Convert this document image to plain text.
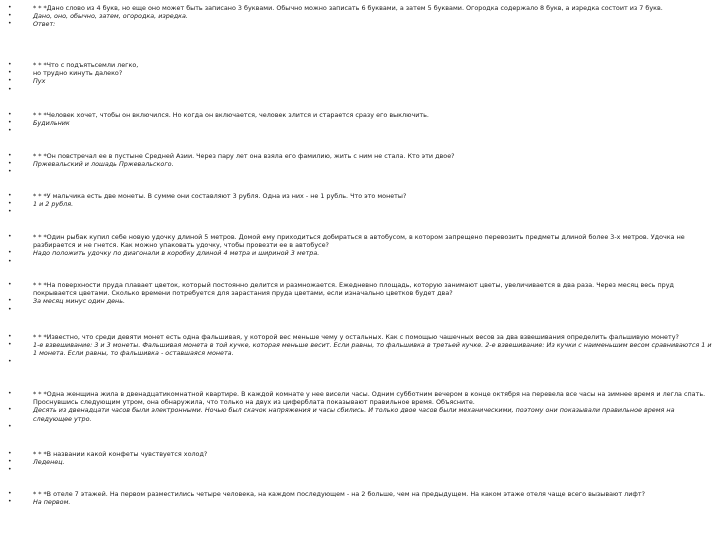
• * * *Дано слово из 4 букв, но еще оно может быть записано 3 буквами. Обычно можно записать 6 буквами, а затем 5 буквами. Огородка содержало 8 букв, а изредка состоит из 7 букв.
• Дано, оно, обычно, затем, огородка, изредка.
• Ответ:
• * * *Что с подъятьсемли легко,
• но трудно кинуть далеко?
• Пух
•
• * * *Человек хочет, чтобы он включился. Но когда он включается, человек злится и старается сразу его выключить.
• Будильник
•
• * * *Он повстречал ее в пустыне Средней Азии. Через пару лет она взяла его фамилию, жить с ним не стала. Кто эти двое?
• Пржевальский и лошадь Пржевальского.
•
• * * *У мальчика есть две монеты. В сумме они составляют 3 рубля. Одна из них - не 1 рубль. Что это монеты?
• 1 и 2 рубля.
•
• * * *Один рыбак купил себе новую удочку длиной 5 метров. Домой ему приходиться добираться в автобусом, в котором запрещено перевозить предметы длиной более 3-х метров. Удочка не разбирается и не гнется. Как можно упаковать удочку, чтобы провезти ее в автобусе?
• Надо положить удочку по диагонали в коробку длиной 4 метра и шириной 3 метра.
•
• * * *На поверхности пруда плавает цветок, который постоянно делится и размножается. Ежедневно площадь, которую занимают цветы, увеличивается в два раза. Через месяц весь пруд покрывается цветами. Сколько времени потребуется для зарастания пруда цветами, если изначально цветков будет два?
• За месяц минус один день.
•
• * * *Известно, что среди девяти монет есть одна фальшивая, у которой вес меньше чему у остальных. Как с помощью чашечных весов за два взвешивания определить фальшивую монету?
• 1-е взвешивание: 3 и 3 монеты. Фальшивая монета в той кучке, которая меньше весит. Если равны, то фальшивка в третьей кучке. 2-е взвешивание: Из кучки с наименьшим весом сравниваются 1 и 1 монета. Если равны, то фальшивка - оставшаяся монета.
•
• * * *Одна женщина жила в двенадцатикомнатной квартире. В каждой комнате у нее висели часы. Одним субботним вечером в конце октября на перевела все часы на зимнее время и легла спать. Проснувшись следующим утром, она обнаружила, что только на двух из циферблата показывают правильное время. Объясните.
• Десять из двенадцати часов были электронными. Ночью был скачок напряжения и часы сбились. И только двое часов были механическими, поэтому они показывали правильное время на следующее утро.
•
• * * *В названии какой конфеты чувствуется холод?
• Леденец.
•
• * * *В отеле 7 этажей. На первом разместились четыре человека, на каждом последующем - на 2 больше, чем на предыдущем. На каком этаже отеля чаще всего вызывают лифт?
• На первом.
